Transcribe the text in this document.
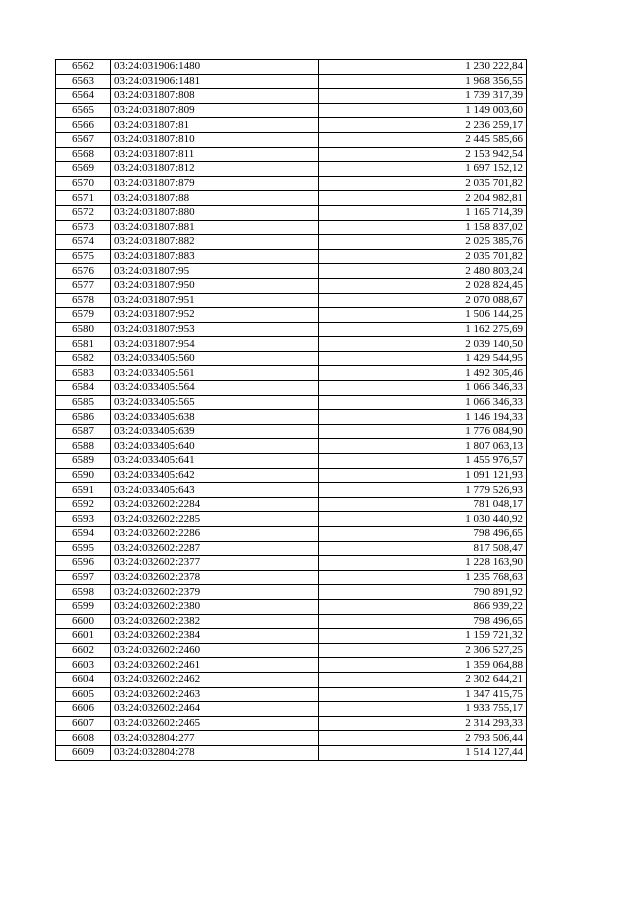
6562	03:24:031906:1480	1 230 222,84
6563	03:24:031906:1481	1 968 356,55
6564	03:24:031807:808	1 739 317,39
6565	03:24:031807:809	1 149 003,60
6566	03:24:031807:81	2 236 259,17
6567	03:24:031807:810	2 445 585,66
6568	03:24:031807:811	2 153 942,54
6569	03:24:031807:812	1 697 152,12
6570	03:24:031807:879	2 035 701,82
6571	03:24:031807:88	2 204 982,81
6572	03:24:031807:880	1 165 714,39
6573	03:24:031807:881	1 158 837,02
6574	03:24:031807:882	2 025 385,76
6575	03:24:031807:883	2 035 701,82
6576	03:24:031807:95	2 480 803,24
6577	03:24:031807:950	2 028 824,45
6578	03:24:031807:951	2 070 088,67
6579	03:24:031807:952	1 506 144,25
6580	03:24:031807:953	1 162 275,69
6581	03:24:031807:954	2 039 140,50
6582	03:24:033405:560	1 429 544,95
6583	03:24:033405:561	1 492 305,46
6584	03:24:033405:564	1 066 346,33
6585	03:24:033405:565	1 066 346,33
6586	03:24:033405:638	1 146 194,33
6587	03:24:033405:639	1 776 084,90
6588	03:24:033405:640	1 807 063,13
6589	03:24:033405:641	1 455 976,57
6590	03:24:033405:642	1 091 121,93
6591	03:24:033405:643	1 779 526,93
6592	03:24:032602:2284	781 048,17
6593	03:24:032602:2285	1 030 440,92
6594	03:24:032602:2286	798 496,65
6595	03:24:032602:2287	817 508,47
6596	03:24:032602:2377	1 228 163,90
6597	03:24:032602:2378	1 235 768,63
6598	03:24:032602:2379	790 891,92
6599	03:24:032602:2380	866 939,22
6600	03:24:032602:2382	798 496,65
6601	03:24:032602:2384	1 159 721,32
6602	03:24:032602:2460	2 306 527,25
6603	03:24:032602:2461	1 359 064,88
6604	03:24:032602:2462	2 302 644,21
6605	03:24:032602:2463	1 347 415,75
6606	03:24:032602:2464	1 933 755,17
6607	03:24:032602:2465	2 314 293,33
6608	03:24:032804:277	2 793 506,44
6609	03:24:032804:278	1 514 127,44
